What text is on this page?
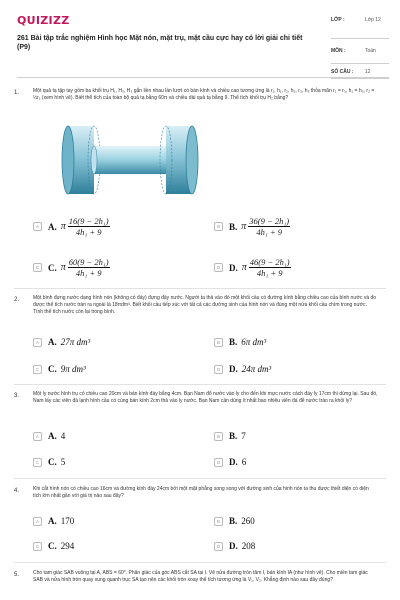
QUIZIZZ
261 Bài tập trắc nghiệm Hình học Mặt nón, mặt trụ, mặt cầu cực hay có lời giải chi tiết (P9)
LỚP :	Lớp 12
MÔN :	Toán
SỐ CÂU : 12
1.	Một quả tạ tập tay gồm ba khối trụ H₁, H₂, H₃ gắn liền nhau lần lượt có bán kính và chiều cao tương ứng là r₁, h₁, r₂, h₂, r₃, h₃ thỏa mãn r₁ = r₃, h₁ = h₃, r₂ = ½r₁ (xem hình vẽ). Biết thể tích của toàn bộ quả tạ bằng 60π và chiều dài quả tạ bằng 9. Thể tích khối trụ H₂ bằng?
A	A. π $\frac{\text{16(9 − 2h₁)}}{\text{4h₁ + 9}}$	B	B. π $\frac{\text{36(9 − 2h₁)}}{\text{4h₁ + 9}}$
C C. π $\frac{\text{60(9 − 2h₁)}}{\text{4h₁ + 9}}$	D D. π $\frac{\text{46(9 − 2h₁)}}{\text{4h₁ + 9}}$
2.	Một bình đựng nước dạng hình nón (không có đáy) đựng đầy nước. Người ta thả vào đó một khối cầu có đường kính bằng chiều cao của bình nước và đo được thể tích nước tràn ra ngoài là 18πdm³. Biết khối cầu tiếp xúc với tất cả các đường sinh của hình nón và đúng một nửa khối cầu chìm trong nước. Tính thể tích nước còn lại trong bình.
A	A. 27π dm³	B	B. 6π dm³
C C. 9π dm³	D D. 24π dm³
3.	Một ly nước hình trụ có chiều cao 20cm và bán kính đáy bằng 4cm. Bạn Nam đổ nước vào ly cho đến khi mực nước cách đáy ly 17cm thì dừng lại. Sau đó, Nam lấy các viên đá lạnh hình cầu có cùng bán kính 2cm thả vào ly nước. Bạn Nam cần dùng ít nhất bao nhiêu viên đá để nước trào ra khỏi ly?
A	A. 4	B	B. 7
C C. 5	D D. 6
4.	Khi cắt hình nón có chiều cao 16cm và đường kính đáy 24cm bởi một mặt phẳng song song với đường sinh của hình nón ta thu được thiết diện có diện tích lớn nhất gần với giá trị nào sau đây?
A	A. 170	B	B. 260
C C. 294	D D. 208
5.	Cho tam giác SAB vuông tại A, ABS = 60°. Phân giác của góc ABS cắt SA tại I. Vẽ nửa đường tròn tâm I, bán kính IA (như hình vẽ). Cho miền tam giác SAB và nửa hình tròn quay xung quanh trục SA tạo nên các khối tròn xoay thể tích tương ứng là V₁, V₂. Khẳng định nào sau đây đúng?
